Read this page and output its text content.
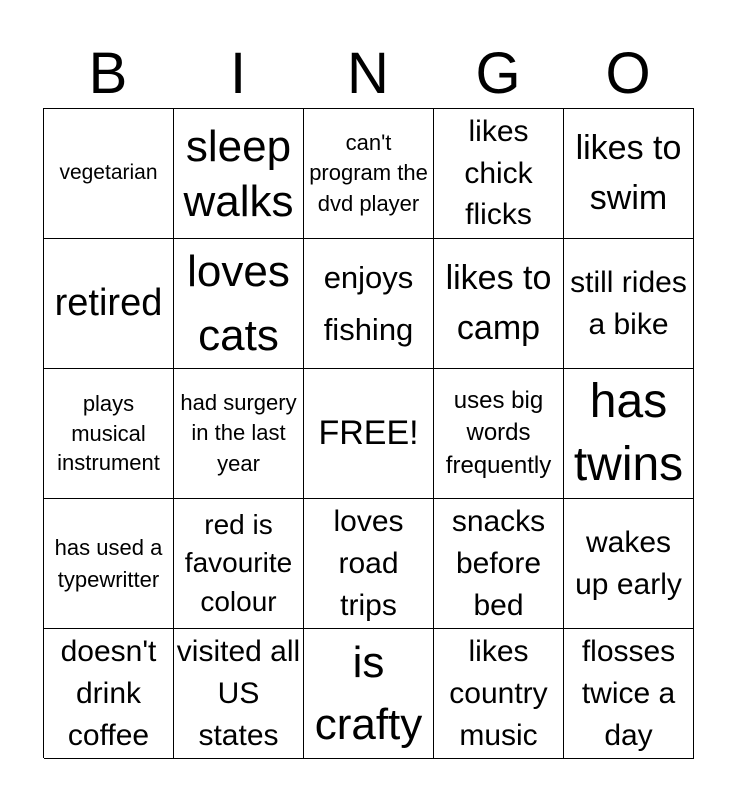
B	I	N	G	O
vegetarian
sleep walks
can't program the dvd player
likes chick flicks
likes to swim
retired
loves cats
enjoys fishing
likes to camp
still rides a bike
plays musical instrument
had surgery in the last year
FREE!
uses big words frequently
has twins
has used a typewritter
red is favourite colour
loves road trips
snacks before bed
wakes up early
doesn't drink coffee
visited all US states
is crafty
likes country music
flosses twice a day
